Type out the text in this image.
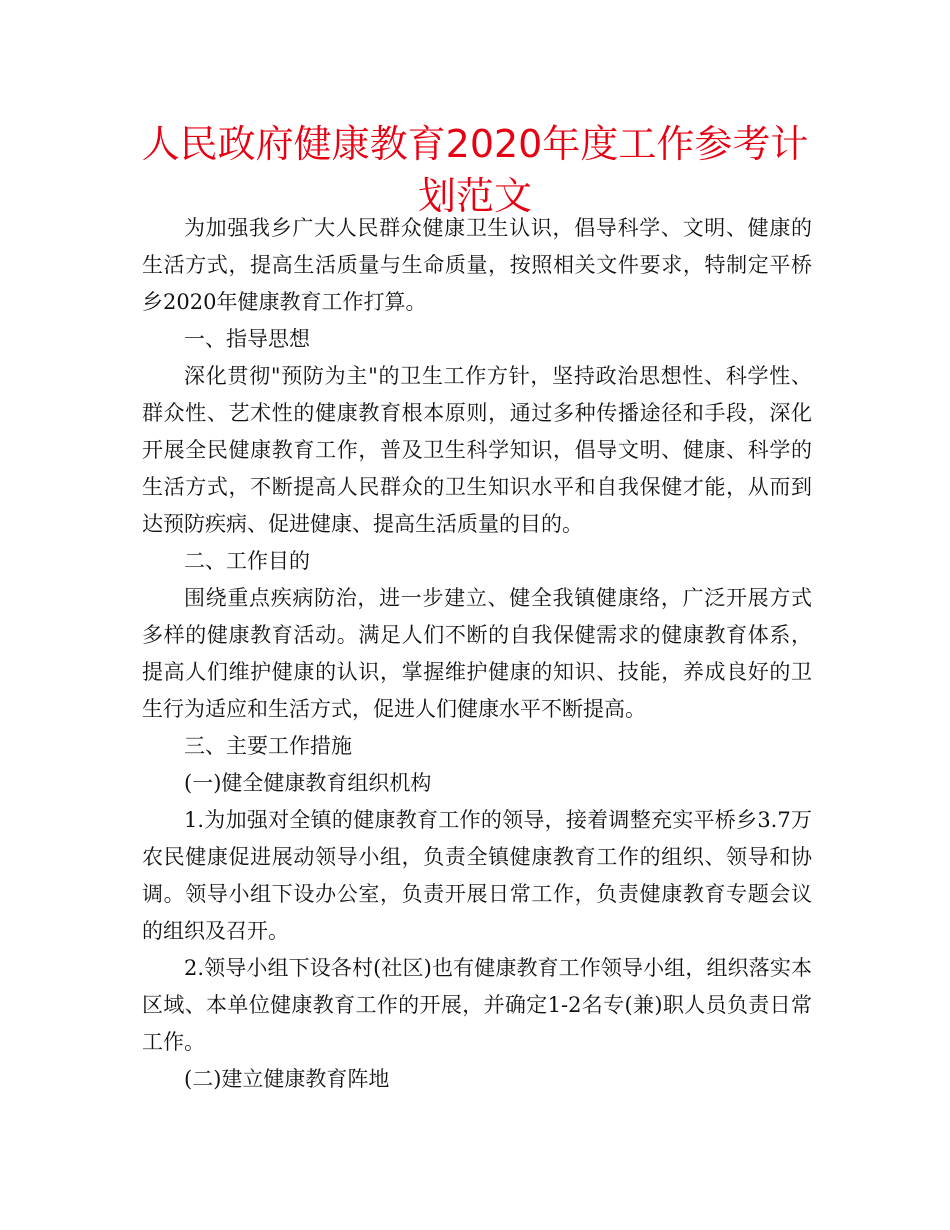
人民政府健康教育2020年度工作参考计划范文

为加强我乡广大人民群众健康卫生认识，倡导科学、文明、健康的生活方式，提高生活质量与生命质量，按照相关文件要求，特制定平桥乡2020年健康教育工作打算。

一、指导思想

深化贯彻"预防为主"的卫生工作方针，坚持政治思想性、科学性、群众性、艺术性的健康教育根本原则，通过多种传播途径和手段，深化开展全民健康教育工作，普及卫生科学知识，倡导文明、健康、科学的生活方式，不断提高人民群众的卫生知识水平和自我保健才能，从而到达预防疾病、促进健康、提高生活质量的目的。

二、工作目的

围绕重点疾病防治，进一步建立、健全我镇健康络，广泛开展方式多样的健康教育活动。满足人们不断的自我保健需求的健康教育体系，提高人们维护健康的认识，掌握维护健康的知识、技能，养成良好的卫生行为适应和生活方式，促进人们健康水平不断提高。

三、主要工作措施

(一)健全健康教育组织机构

1.为加强对全镇的健康教育工作的领导，接着调整充实平桥乡3.7万农民健康促进展动领导小组，负责全镇健康教育工作的组织、领导和协调。领导小组下设办公室，负责开展日常工作，负责健康教育专题会议的组织及召开。

2.领导小组下设各村(社区)也有健康教育工作领导小组，组织落实本区域、本单位健康教育工作的开展，并确定1-2名专(兼)职人员负责日常工作。

(二)建立健康教育阵地
